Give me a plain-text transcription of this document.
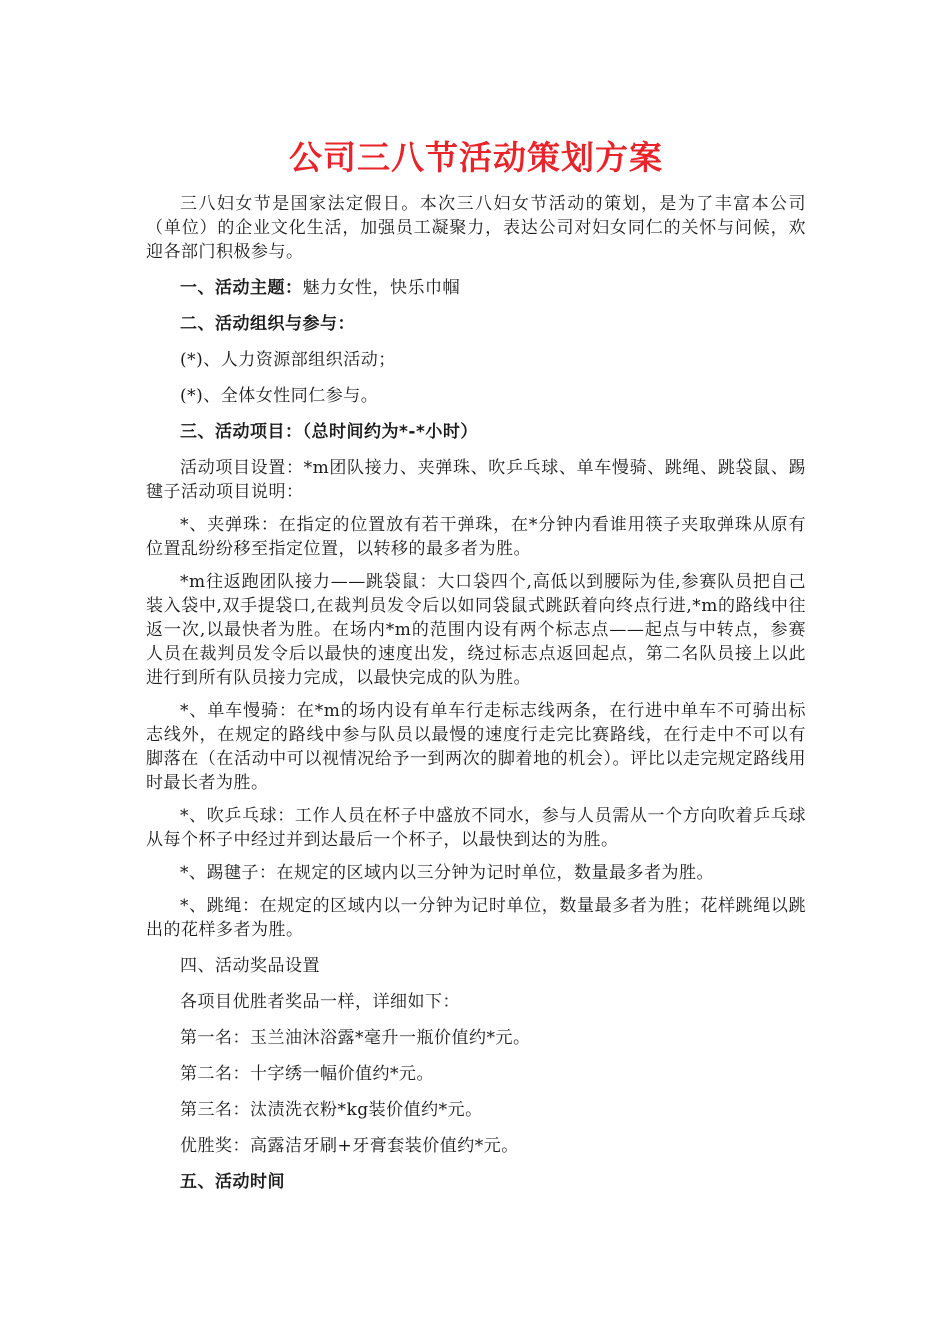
公司三八节活动策划方案

三八妇女节是国家法定假日。本次三八妇女节活动的策划，是为了丰富本公司（单位）的企业文化生活，加强员工凝聚力，表达公司对妇女同仁的关怀与问候，欢迎各部门积极参与。

一、活动主题：魅力女性，快乐巾帼

二、活动组织与参与：

(*)、人力资源部组织活动；

(*)、全体女性同仁参与。

三、活动项目：（总时间约为*-*小时）

活动项目设置：*m团队接力、夹弹珠、吹乒乓球、单车慢骑、跳绳、跳袋鼠、踢毽子活动项目说明：

*、夹弹珠：在指定的位置放有若干弹珠，在*分钟内看谁用筷子夹取弹珠从原有位置乱纷纷移至指定位置，以转移的最多者为胜。

*m往返跑团队接力——跳袋鼠：大口袋四个,高低以到腰际为佳,参赛队员把自己装入袋中,双手提袋口,在裁判员发令后以如同袋鼠式跳跃着向终点行进,*m的路线中往返一次,以最快者为胜。在场内*m的范围内设有两个标志点——起点与中转点，参赛人员在裁判员发令后以最快的速度出发，绕过标志点返回起点，第二名队员接上以此进行到所有队员接力完成，以最快完成的队为胜。

*、单车慢骑：在*m的场内设有单车行走标志线两条，在行进中单车不可骑出标志线外，在规定的路线中参与队员以最慢的速度行走完比赛路线，在行走中不可以有脚落在（在活动中可以视情况给予一到两次的脚着地的机会）。评比以走完规定路线用时最长者为胜。

*、吹乒乓球：工作人员在杯子中盛放不同水，参与人员需从一个方向吹着乒乓球从每个杯子中经过并到达最后一个杯子，以最快到达的为胜。

*、踢毽子：在规定的区域内以三分钟为记时单位，数量最多者为胜。

*、跳绳：在规定的区域内以一分钟为记时单位，数量最多者为胜；花样跳绳以跳出的花样多者为胜。

四、活动奖品设置

各项目优胜者奖品一样，详细如下：

第一名：玉兰油沐浴露*毫升一瓶价值约*元。

第二名：十字绣一幅价值约*元。

第三名：汰渍洗衣粉*kg装价值约*元。

优胜奖：高露洁牙刷+牙膏套装价值约*元。

五、活动时间
